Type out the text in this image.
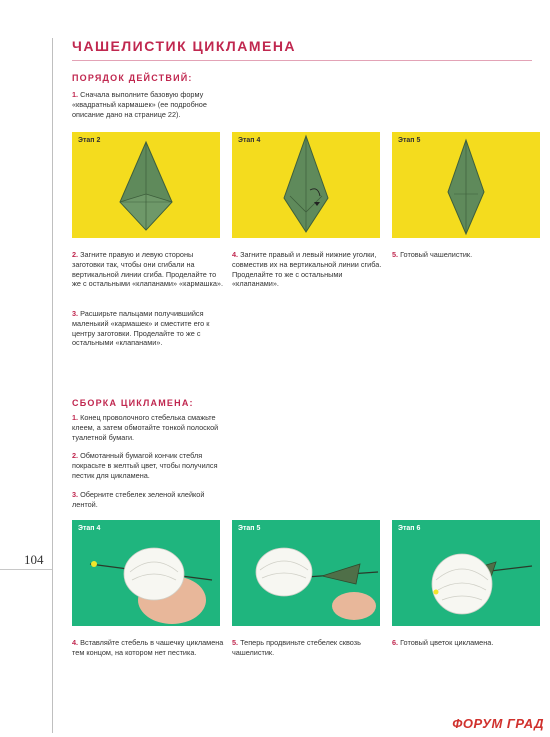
104
ЧАШЕЛИСТИК ЦИКЛАМЕНА
ПОРЯДОК ДЕЙСТВИЙ:
1. Сначала выполните базовую форму «квадратный кармашек» (ее подробное описание дано на странице 22).
Этап 2	Этап 4	Этап 5
2. Загните правую и левую стороны заготовки так, чтобы они сгибали на вертикальной линии сгиба. Проделайте то же с остальными «клапанами» «кармашка».
3. Расширьте пальцами получившийся маленький «кармашек» и сместите его к центру заготовки. Проделайте то же с остальными «клапанами».
4. Загните правый и левый нижние уголки, совместив их на вертикальной линии сгиба. Проделайте то же с остальными «клапанами».
5. Готовый чашелистик.
СБОРКА ЦИКЛАМЕНА:
1. Конец проволочного стебелька смажьте клеем, а затем обмотайте тонкой полоской туалетной бумаги.
2. Обмотанный бумагой кончик стебля покрасьте в желтый цвет, чтобы получился пестик для цикламена.
3. Оберните стебелек зеленой клейкой лентой.
Этап 4	Этап 5	Этап 6
4. Вставляйте стебель в чашечку цикламена тем концом, на котором нет пестика.
5. Теперь продвиньте стебелек сквозь чашелистик.
6. Готовый цветок цикламена.
ФОРУМ ГРАД
